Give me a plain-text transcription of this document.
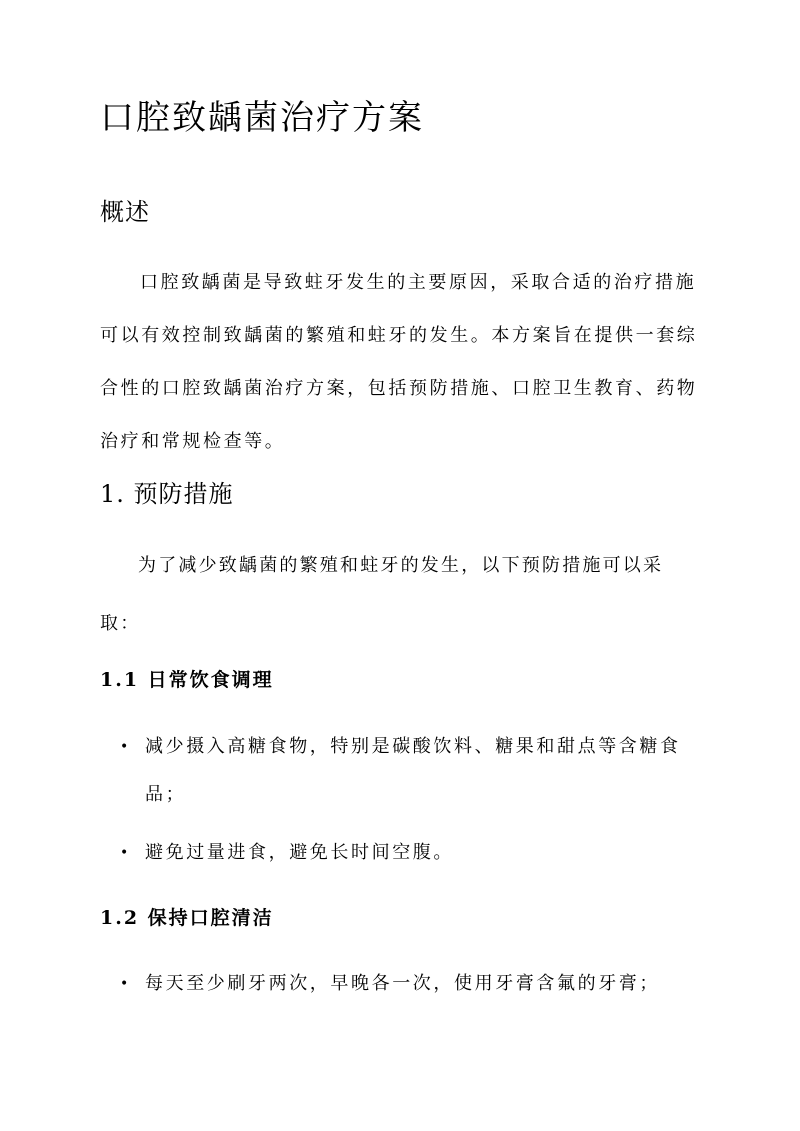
口腔致龋菌治疗方案
概述

口腔致龋菌是导致蛀牙发生的主要原因，采取合适的治疗措施可以有效控制致龋菌的繁殖和蛀牙的发生。本方案旨在提供一套综合性的口腔致龋菌治疗方案，包括预防措施、口腔卫生教育、药物治疗和常规检查等。

1. 预防措施

为了减少致龋菌的繁殖和蛀牙的发生，以下预防措施可以采取：

1.1 日常饮食调理
• 减少摄入高糖食物，特别是碳酸饮料、糖果和甜点等含糖食品；
• 避免过量进食，避免长时间空腹。
1.2 保持口腔清洁
• 每天至少刷牙两次，早晚各一次，使用牙膏含氟的牙膏；
